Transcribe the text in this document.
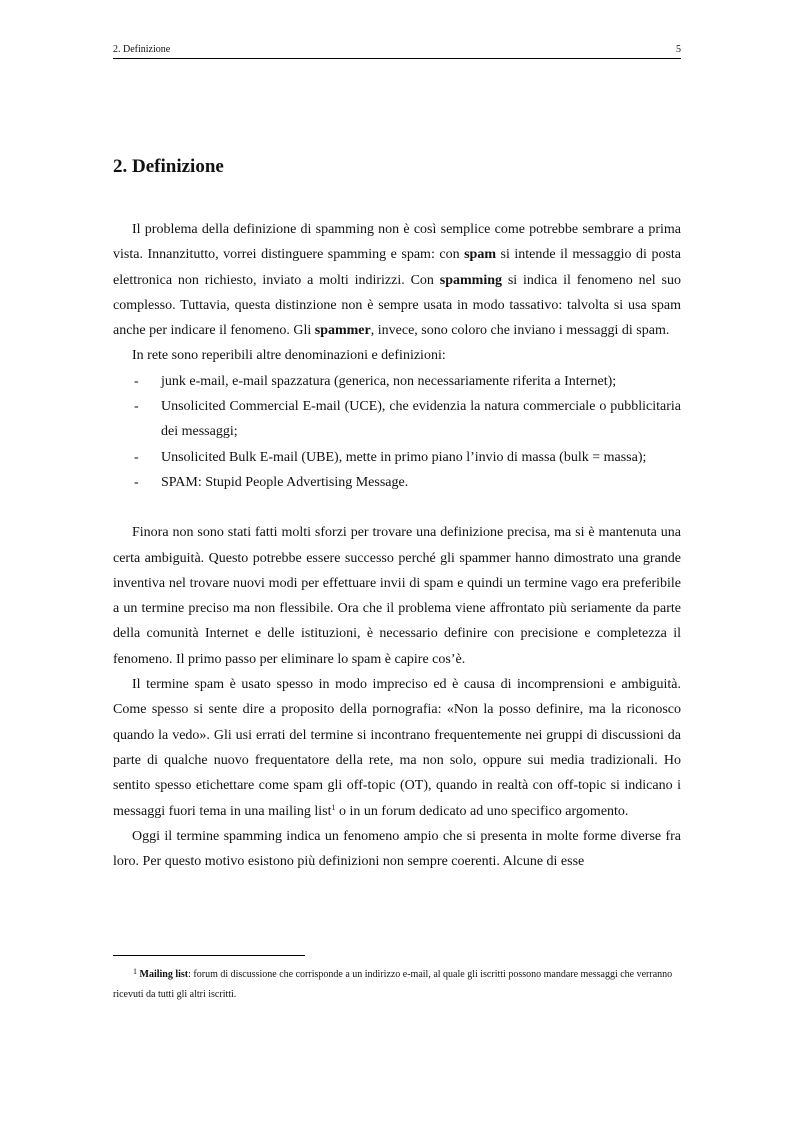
2. Definizione	5
2. Definizione

Il problema della definizione di spamming non è così semplice come potrebbe sembrare a prima vista. Innanzitutto, vorrei distinguere spamming e spam: con spam si intende il messaggio di posta elettronica non richiesto, inviato a molti indirizzi. Con spamming si indica il fenomeno nel suo complesso. Tuttavia, questa distinzione non è sempre usata in modo tassativo: talvolta si usa spam anche per indicare il fenomeno. Gli spammer, invece, sono coloro che inviano i messaggi di spam.

In rete sono reperibili altre denominazioni e definizioni:

- junk e-mail, e-mail spazzatura (generica, non necessariamente riferita a Internet);
- Unsolicited Commercial E-mail (UCE), che evidenzia la natura commerciale o pubblicitaria dei messaggi;
- Unsolicited Bulk E-mail (UBE), mette in primo piano l’invio di massa (bulk = massa);
- SPAM: Stupid People Advertising Message.

Finora non sono stati fatti molti sforzi per trovare una definizione precisa, ma si è mantenuta una certa ambiguità. Questo potrebbe essere successo perché gli spammer hanno dimostrato una grande inventiva nel trovare nuovi modi per effettuare invii di spam e quindi un termine vago era preferibile a un termine preciso ma non flessibile. Ora che il problema viene affrontato più seriamente da parte della comunità Internet e delle istituzioni, è necessario definire con precisione e completezza il fenomeno. Il primo passo per eliminare lo spam è capire cos’è.

Il termine spam è usato spesso in modo impreciso ed è causa di incomprensioni e ambiguità. Come spesso si sente dire a proposito della pornografia: «Non la posso definire, ma la riconosco quando la vedo». Gli usi errati del termine si incontrano frequentemente nei gruppi di discussioni da parte di qualche nuovo frequentatore della rete, ma non solo, oppure sui media tradizionali. Ho sentito spesso etichettare come spam gli off-topic (OT), quando in realtà con off-topic si indicano i messaggi fuori tema in una mailing list$^1$ o in un forum dedicato ad uno specifico argomento.

Oggi il termine spamming indica un fenomeno ampio che si presenta in molte forme diverse fra loro. Per questo motivo esistono più definizioni non sempre coerenti. Alcune di esse

$^1$ Mailing list: forum di discussione che corrisponde a un indirizzo e-mail, al quale gli iscritti possono mandare messaggi che verranno ricevuti da tutti gli altri iscritti.
